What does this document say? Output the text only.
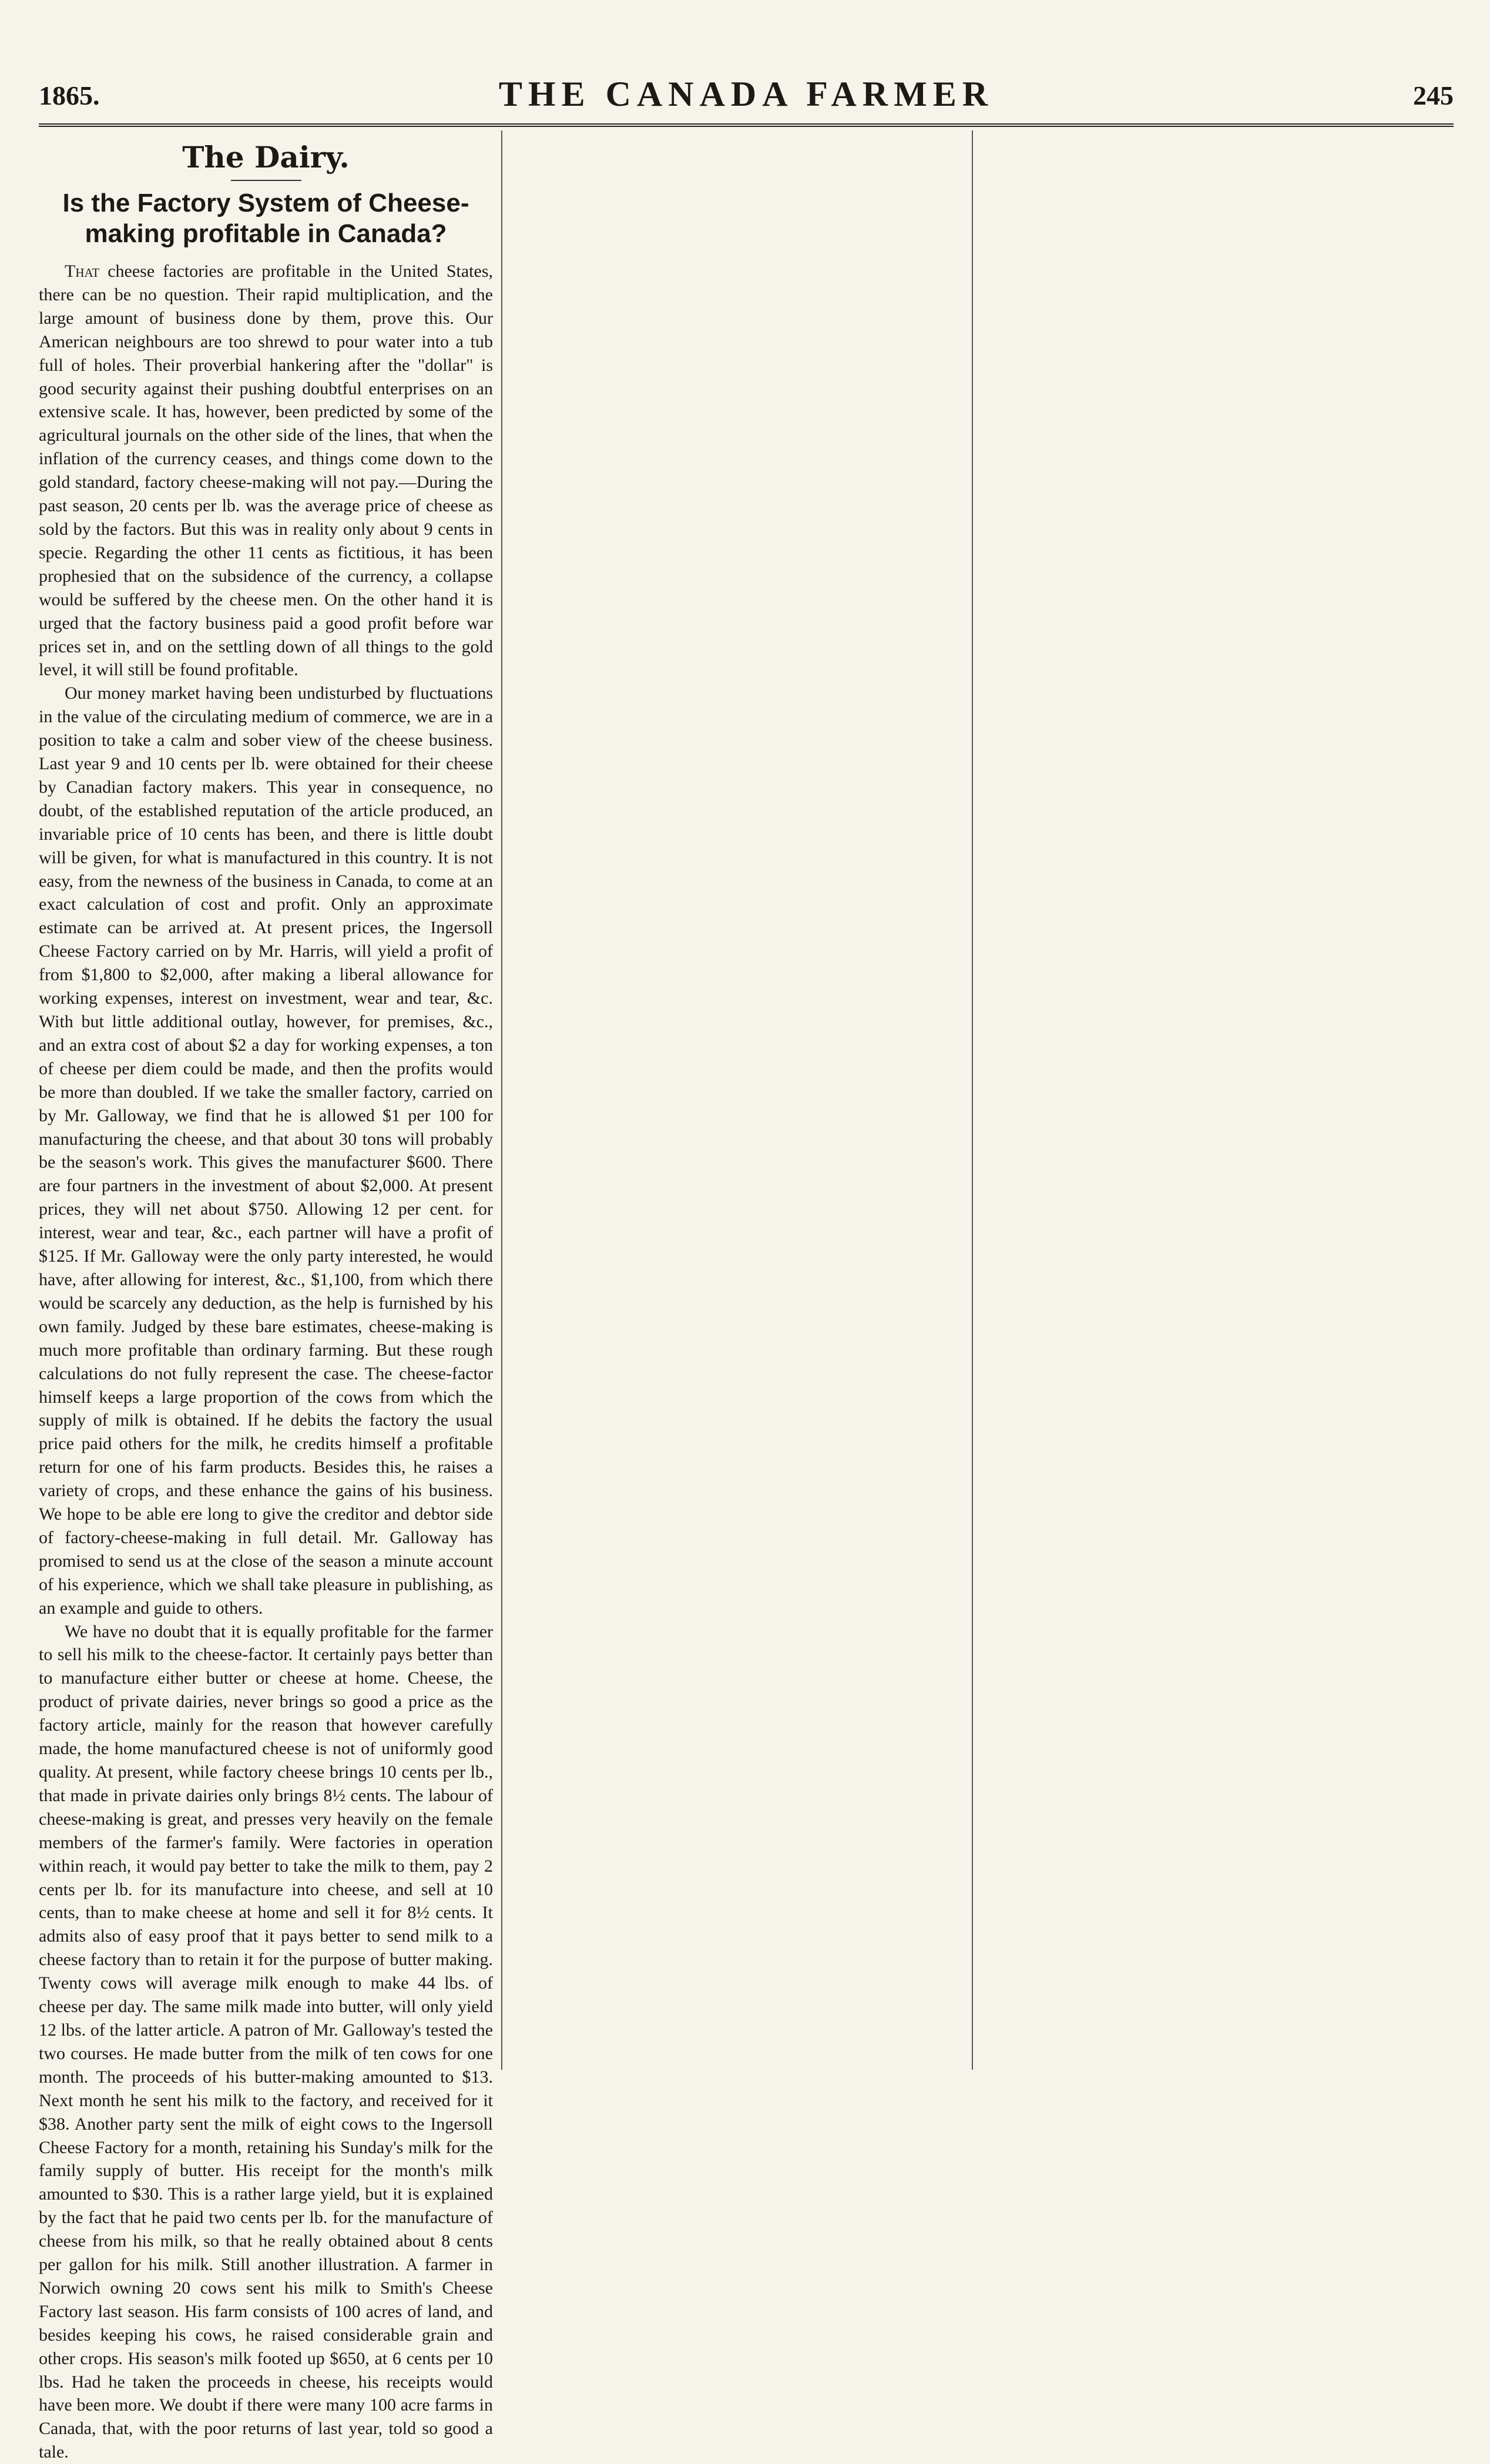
1865.	THE CANADA FARMER	245
The Dairy.
Is the Factory System of Cheese-making profitable in Canada?

That cheese factories are profitable in the United States, there can be no question. Their rapid multiplication, and the large amount of business done by them, prove this. Our American neighbours are too shrewd to pour water into a tub full of holes. Their proverbial hankering after the "dollar" is good security against their pushing doubtful enterprises on an extensive scale. It has, however, been predicted by some of the agricultural journals on the other side of the lines, that when the inflation of the currency ceases, and things come down to the gold standard, factory cheese-making will not pay.—During the past season, 20 cents per lb. was the average price of cheese as sold by the factors. But this was in reality only about 9 cents in specie. Regarding the other 11 cents as fictitious, it has been prophesied that on the subsidence of the currency, a collapse would be suffered by the cheese men. On the other hand it is urged that the factory business paid a good profit before war prices set in, and on the settling down of all things to the gold level, it will still be found profitable.

Our money market having been undisturbed by fluctuations in the value of the circulating medium of commerce, we are in a position to take a calm and sober view of the cheese business. Last year 9 and 10 cents per lb. were obtained for their cheese by Canadian factory makers. This year in consequence, no doubt, of the established reputation of the article produced, an invariable price of 10 cents has been, and there is little doubt will be given, for what is manufactured in this country. It is not easy, from the newness of the business in Canada, to come at an exact calculation of cost and profit. Only an approximate estimate can be arrived at. At present prices, the Ingersoll Cheese Factory carried on by Mr. Harris, will yield a profit of from $1,800 to $2,000, after making a liberal allowance for working expenses, interest on investment, wear and tear, &c. With but little additional outlay, however, for premises, &c., and an extra cost of about $2 a day for working expenses, a ton of cheese per diem could be made, and then the profits would be more than doubled. If we take the smaller factory, carried on by Mr. Galloway, we find that he is allowed $1 per 100 for manufacturing the cheese, and that about 30 tons will probably be the season's work. This gives the manufacturer $600. There are four partners in the investment of about $2,000. At present prices, they will net about $750. Allowing 12 per cent. for interest, wear and tear, &c., each partner will have a profit of $125. If Mr. Galloway were the only party interested, he would have, after allowing for interest, &c., $1,100, from which there would be scarcely any deduction, as the help is furnished by his own family. Judged by these bare estimates, cheese-making is much more profitable than ordinary farming. But these rough calculations do not fully represent the case. The cheese-factor himself keeps a large proportion of the cows from which the supply of milk is obtained. If he debits the factory the usual price paid others for the milk, he credits himself a profitable return for one of his farm products. Besides this, he raises a variety of crops, and these enhance the gains of his business. We hope to be able ere long to give the creditor and debtor side of factory-cheese-making in full detail. Mr. Galloway has promised to send us at the close of the season a minute account of his experience, which we shall take pleasure in publishing, as an example and guide to others.

We have no doubt that it is equally profitable for the farmer to sell his milk to the cheese-factor. It certainly pays better than to manufacture either butter or cheese at home. Cheese, the product of private dairies, never brings so good a price as the factory article, mainly for the reason that however carefully made, the home manufactured cheese is not of uniformly good quality. At present, while factory cheese brings 10 cents per lb., that made in private dairies only brings 8½ cents. The labour of cheese-making is great, and presses very heavily on the female members of the farmer's family. Were factories in operation within reach, it would pay better to take the milk to them, pay 2 cents per lb. for its manufacture into cheese, and sell at 10 cents, than to make cheese at home and sell it for 8½ cents. It admits also of easy proof that it pays better to send milk to a cheese factory than to retain it for the purpose of butter making. Twenty cows will average milk enough to make 44 lbs. of cheese per day. The same milk made into butter, will only yield 12 lbs. of the latter article. A patron of Mr. Galloway's tested the two courses. He made butter from the milk of ten cows for one month. The proceeds of his butter-making amounted to $13. Next month he sent his milk to the factory, and received for it $38. Another party sent the milk of eight cows to the Ingersoll Cheese Factory for a month, retaining his Sunday's milk for the family supply of butter. His receipt for the month's milk amounted to $30. This is a rather large yield, but it is explained by the fact that he paid two cents per lb. for the manufacture of cheese from his milk, so that he really obtained about 8 cents per gallon for his milk. Still another illustration. A farmer in Norwich owning 20 cows sent his milk to Smith's Cheese Factory last season. His farm consists of 100 acres of land, and besides keeping his cows, he raised considerable grain and other crops. His season's milk footed up $650, at 6 cents per 10 lbs. Had he taken the proceeds in cheese, his receipts would have been more. We doubt if there were many 100 acre farms in Canada, that, with the poor returns of last year, told so good a tale.
